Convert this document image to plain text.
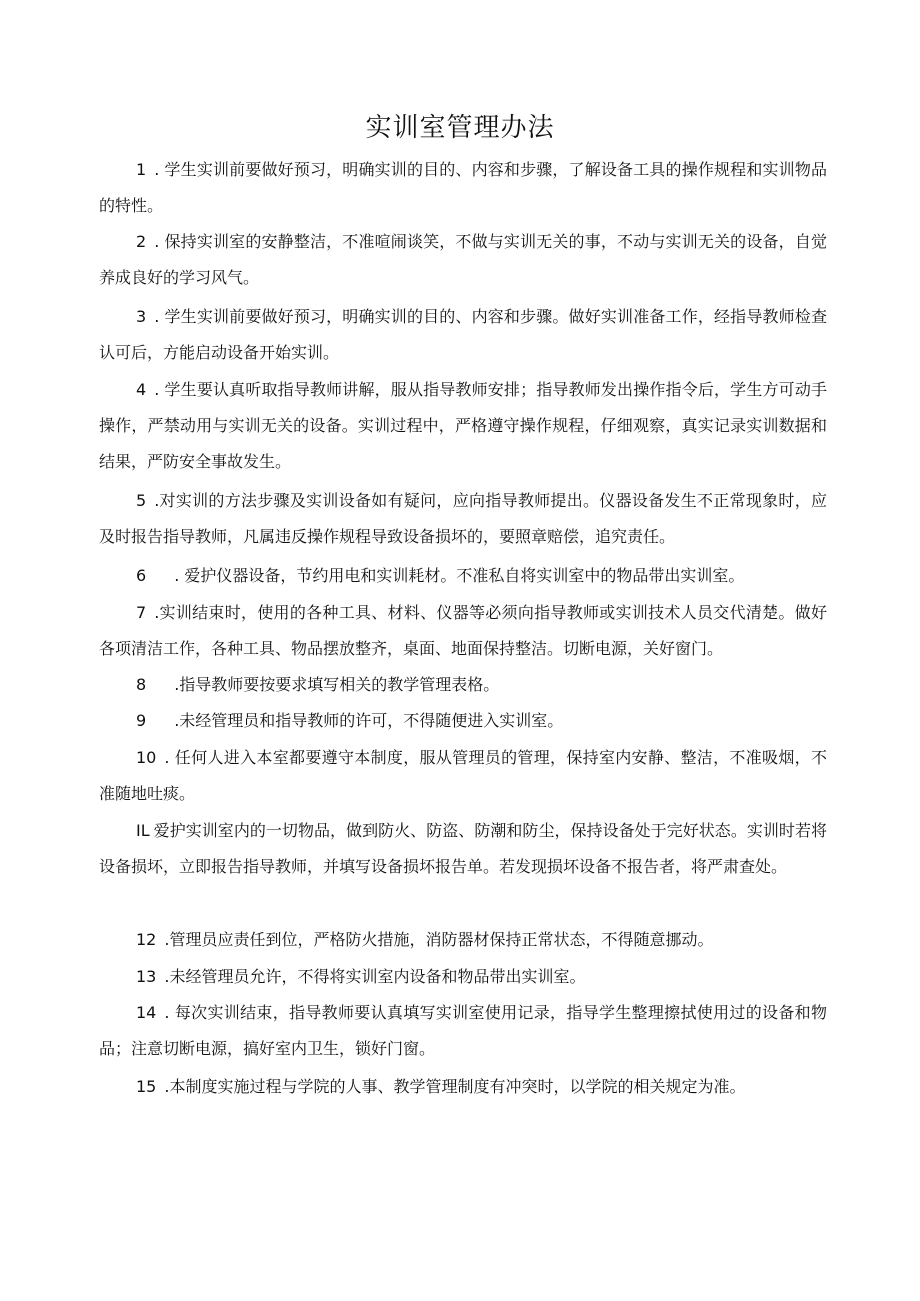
实训室管理办法
1 . 学生实训前要做好预习，明确实训的目的、内容和步骤，了解设备工具的操作规程和实训物品的特性。
2 . 保持实训室的安静整洁，不准喧闹谈笑，不做与实训无关的事，不动与实训无关的设备，自觉养成良好的学习风气。
3 . 学生实训前要做好预习，明确实训的目的、内容和步骤。做好实训准备工作，经指导教师检查认可后，方能启动设备开始实训。
4 . 学生要认真听取指导教师讲解，服从指导教师安排；指导教师发出操作指令后，学生方可动手操作，严禁动用与实训无关的设备。实训过程中，严格遵守操作规程，仔细观察，真实记录实训数据和结果，严防安全事故发生。
5 .对实训的方法步骤及实训设备如有疑问，应向指导教师提出。仪器设备发生不正常现象时，应及时报告指导教师，凡属违反操作规程导致设备损坏的，要照章赔偿，追究责任。
6 . 爱护仪器设备，节约用电和实训耗材。不准私自将实训室中的物品带出实训室。
7 .实训结束时，使用的各种工具、材料、仪器等必须向指导教师或实训技术人员交代清楚。做好各项清洁工作，各种工具、物品摆放整齐，桌面、地面保持整洁。切断电源，关好窗门。
8 .指导教师要按要求填写相关的教学管理表格。
9 .未经管理员和指导教师的许可，不得随便进入实训室。
10 . 任何人进入本室都要遵守本制度，服从管理员的管理，保持室内安静、整洁，不准吸烟，不准随地吐痰。
IL 爱护实训室内的一切物品，做到防火、防盗、防潮和防尘，保持设备处于完好状态。实训时若将设备损坏，立即报告指导教师，并填写设备损坏报告单。若发现损坏设备不报告者，将严肃查处。
12 .管理员应责任到位，严格防火措施，消防器材保持正常状态，不得随意挪动。
13 .未经管理员允许，不得将实训室内设备和物品带出实训室。
14 . 每次实训结束，指导教师要认真填写实训室使用记录，指导学生整理擦拭使用过的设备和物品；注意切断电源，搞好室内卫生，锁好门窗。
15 .本制度实施过程与学院的人事、教学管理制度有冲突时，以学院的相关规定为准。
